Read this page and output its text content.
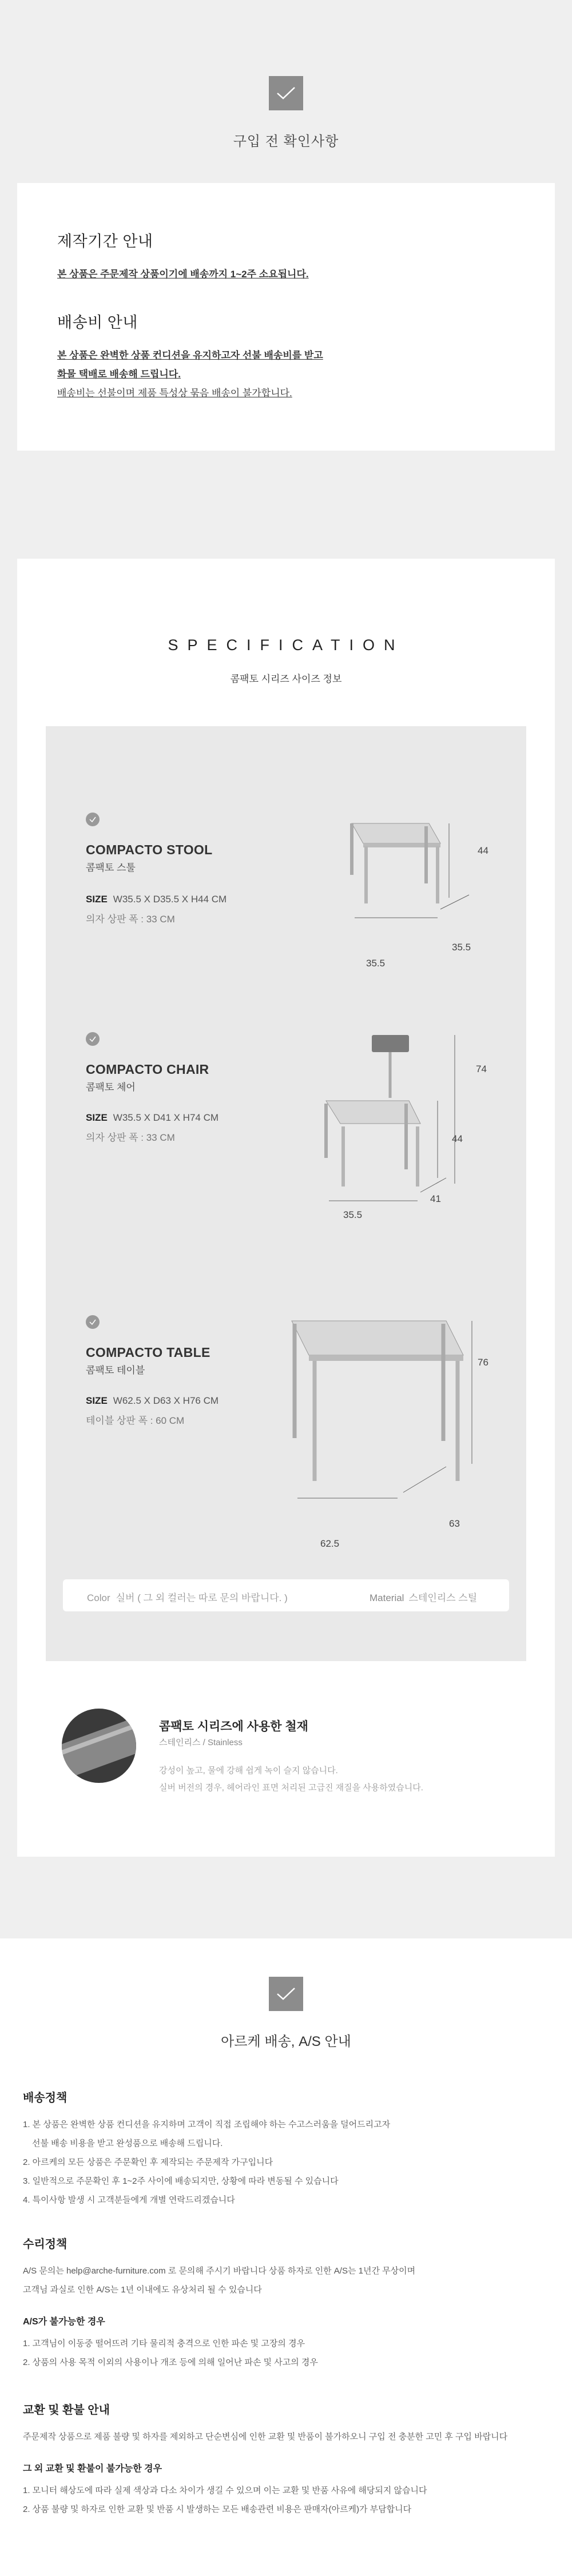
구입 전 확인사항
제작기간 안내

본 상품은 주문제작 상품이기에 배송까지 1~2주 소요됩니다.

배송비 안내

본 상품은 완벽한 상품 컨디션을 유지하고자 선불 배송비를 받고

화물 택배로 배송해 드립니다.

배송비는 선불이며 제품 특성상 묶음 배송이 불가합니다.

SPECIFICATION
콤팩토 시리즈 사이즈 정보
COMPACTO STOOL
콤팩토 스툴
SIZE W35.5 X D35.5 X H44 CM
의자 상판 폭 : 33 CM
44
35.5
35.5
COMPACTO CHAIR
콤팩토 체어
SIZE W35.5 X D41 X H74 CM
의자 상판 폭 : 33 CM
74
44
35.5
41
COMPACTO TABLE
콤팩토 테이블
SIZE W62.5 X D63 X H76 CM
테이블 상판 폭 : 60 CM
76
62.5
63
Color 실버 ( 그 외 컬러는 따로 문의 바랍니다. )	Material 스테인리스 스틸
콤팩토 시리즈에 사용한 철재
스테인리스 / Stainless
강성이 높고, 물에 강해 쉽게 녹이 슬지 않습니다.
실버 버전의 경우, 헤어라인 표면 처리된 고급진 재질을 사용하였습니다.
아르케 배송, A/S 안내
배송정책

1. 본 상품은 완벽한 상품 컨디션을 유지하며 고객이 직접 조립해야 하는 수고스러움을 덜어드리고자

선불 배송 비용을 받고 완성품으로 배송해 드립니다.

2. 아르케의 모든 상품은 주문확인 후 제작되는 주문제작 가구입니다

3. 일반적으로 주문확인 후 1~2주 사이에 배송되지만, 상황에 따라 변동될 수 있습니다

4. 특이사항 발생 시 고객분들에게 개별 연락드리겠습니다

수리정책

A/S 문의는 help@arche-furniture.com 로 문의해 주시기 바랍니다 상품 하자로 인한 A/S는 1년간 무상이며

고객님 과실로 인한 A/S는 1년 이내에도 유상처리 될 수 있습니다

A/S가 불가능한 경우

1. 고객님이 이동중 떨어뜨려 기타 물리적 충격으로 인한 파손 및 고장의 경우

2. 상품의 사용 목적 이외의 사용이나 개조 등에 의해 일어난 파손 및 사고의 경우

교환 및 환불 안내

주문제작 상품으로 제품 불량 및 하자를 제외하고 단순변심에 인한 교환 및 반품이 불가하오니 구입 전 충분한 고민 후 구입 바랍니다

그 외 교환 및 환불이 불가능한 경우

1. 모니터 해상도에 따라 실제 색상과 다소 차이가 생길 수 있으며 이는 교환 및 반품 사유에 해당되지 않습니다

2. 상품 불량 및 하자로 인한 교환 및 반품 시 발생하는 모든 배송관련 비용은 판매자(아르케)가 부담합니다
